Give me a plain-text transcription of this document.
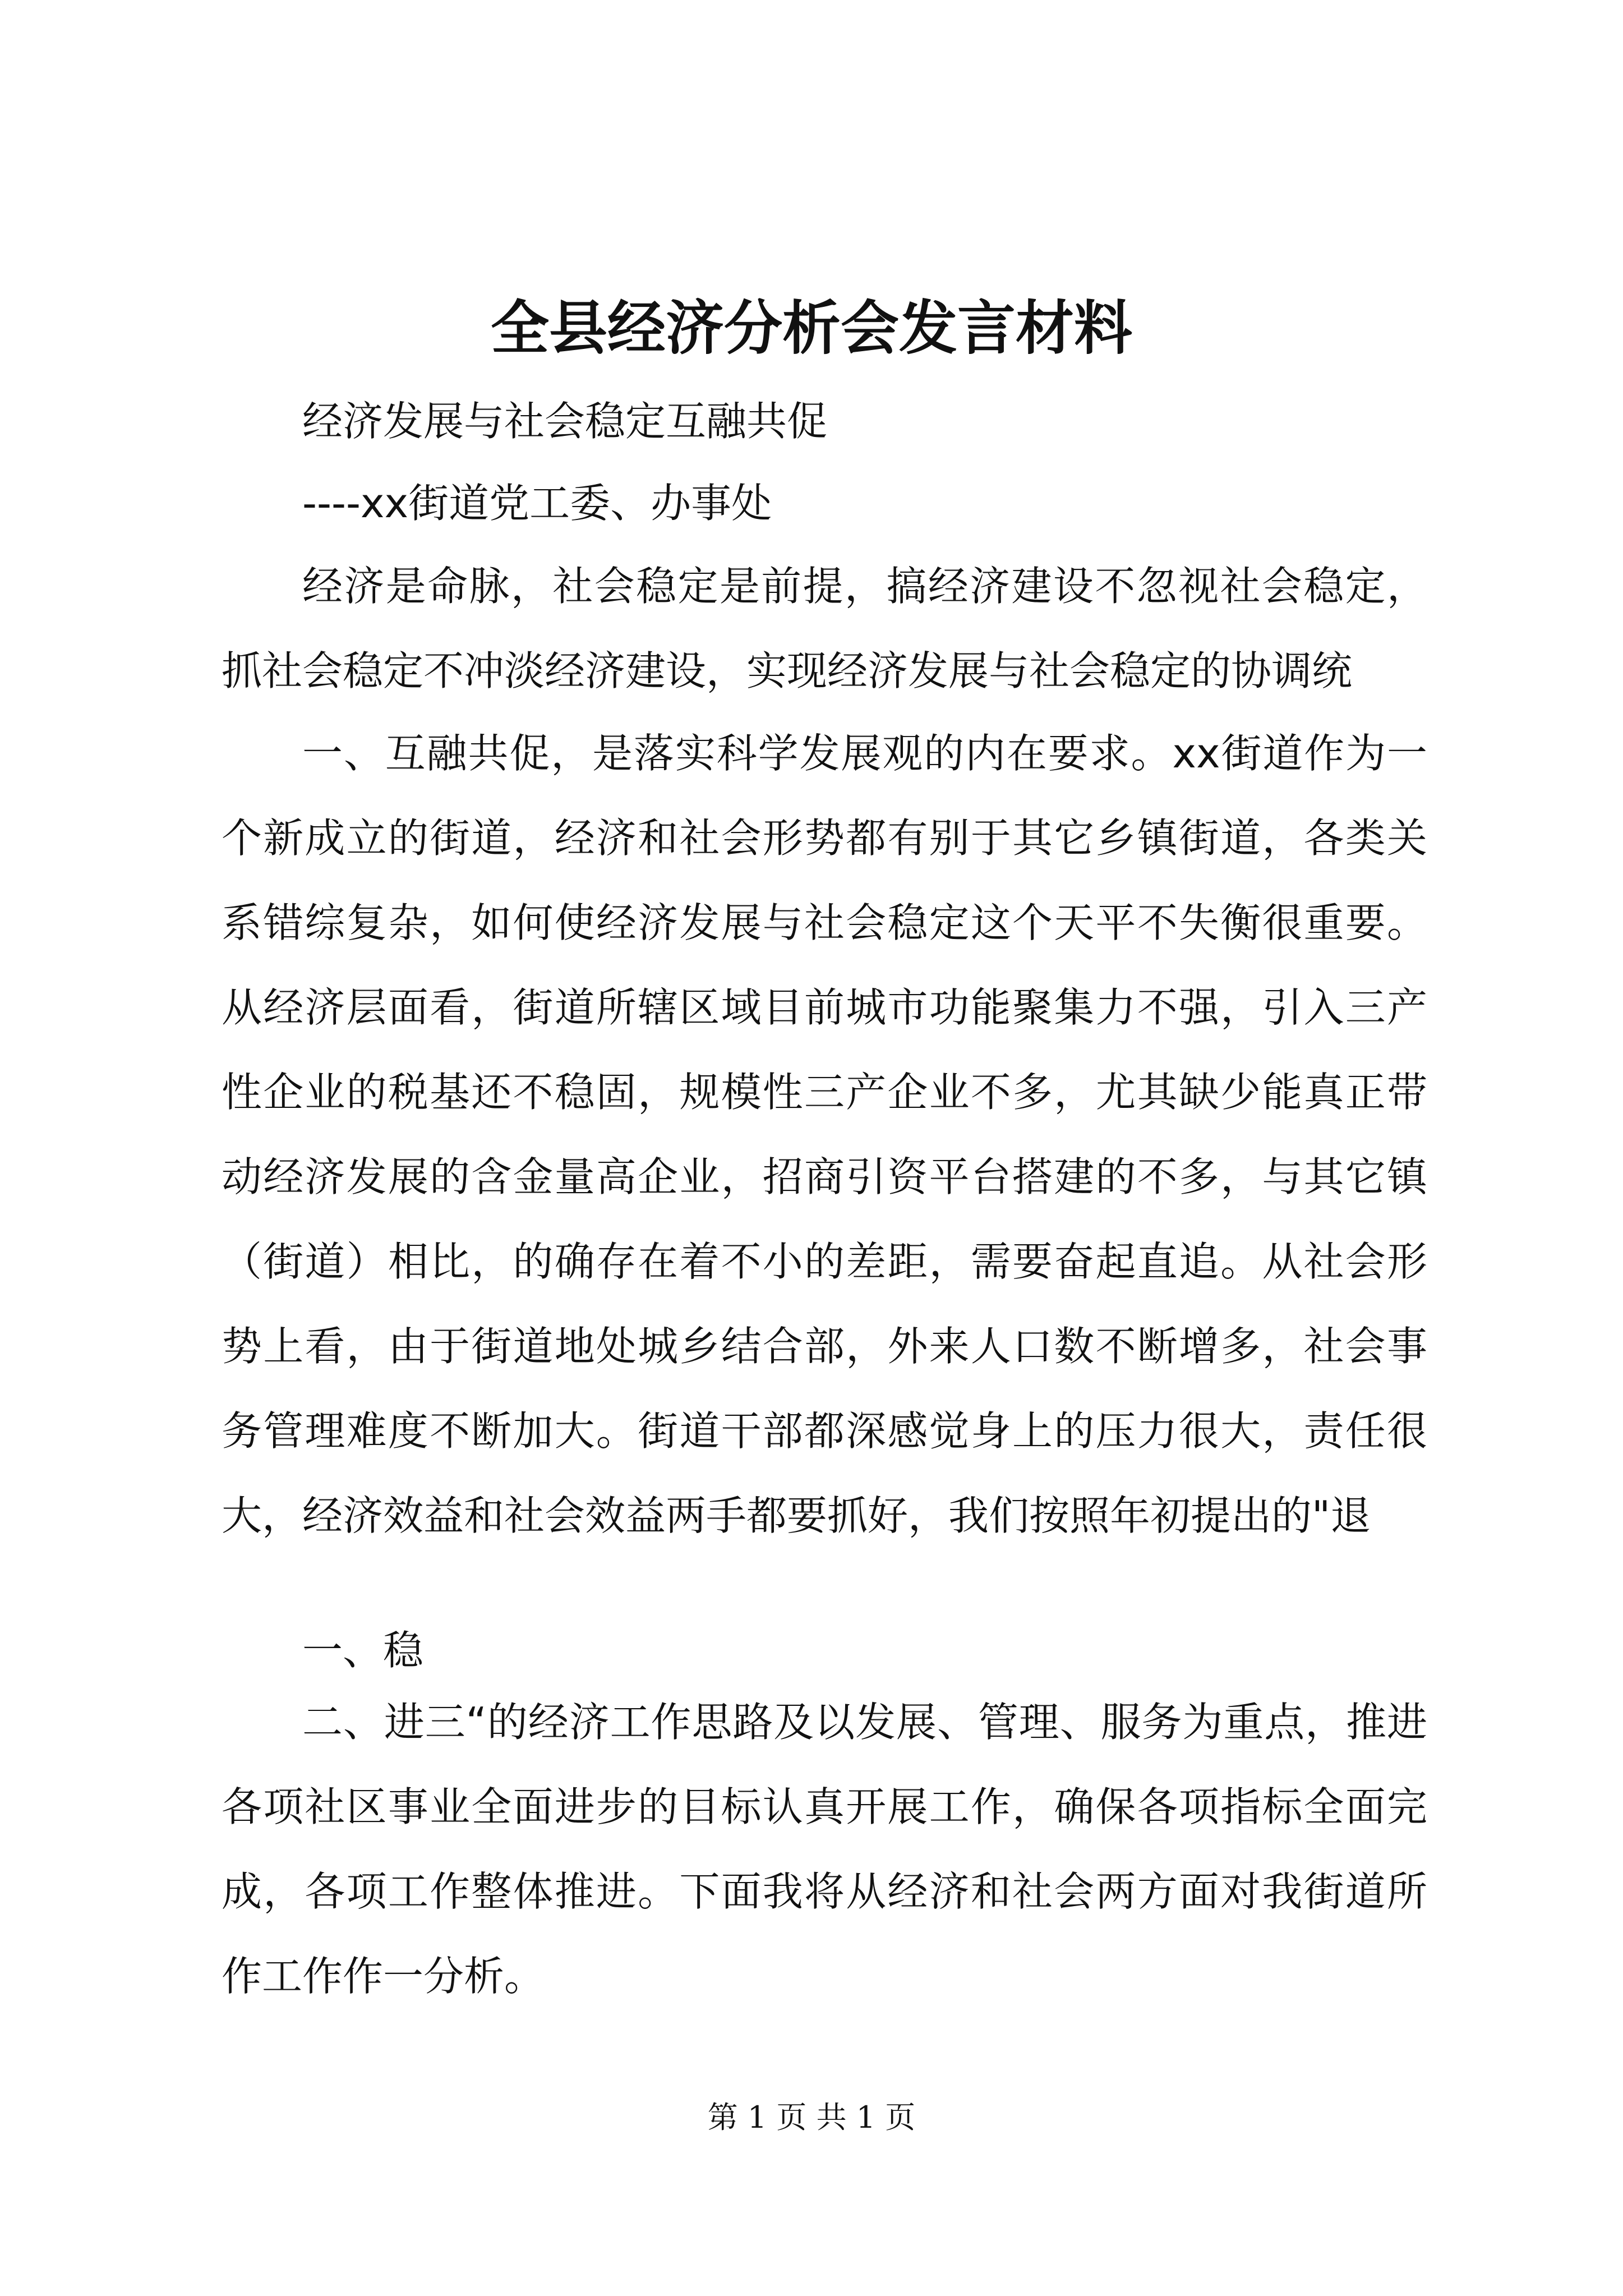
全县经济分析会发言材料

经济发展与社会稳定互融共促

----xx街道党工委、办事处

经济是命脉，社会稳定是前提，搞经济建设不忽视社会稳定，抓社会稳定不冲淡经济建设，实现经济发展与社会稳定的协调统

一、互融共促，是落实科学发展观的内在要求。xx街道作为一个新成立的街道，经济和社会形势都有别于其它乡镇街道，各类关系错综复杂，如何使经济发展与社会稳定这个天平不失衡很重要。从经济层面看，街道所辖区域目前城市功能聚集力不强，引入三产性企业的税基还不稳固，规模性三产企业不多，尤其缺少能真正带动经济发展的含金量高企业，招商引资平台搭建的不多，与其它镇（街道）相比，的确存在着不小的差距，需要奋起直追。从社会形势上看，由于街道地处城乡结合部，外来人口数不断增多，社会事务管理难度不断加大。街道干部都深感觉身上的压力很大，责任很大，经济效益和社会效益两手都要抓好，我们按照年初提出的"退

一、稳

二、进三“的经济工作思路及以发展、管理、服务为重点，推进各项社区事业全面进步的目标认真开展工作，确保各项指标全面完成，各项工作整体推进。下面我将从经济和社会两方面对我街道所作工作作一分析。

第 1 页 共 1 页
